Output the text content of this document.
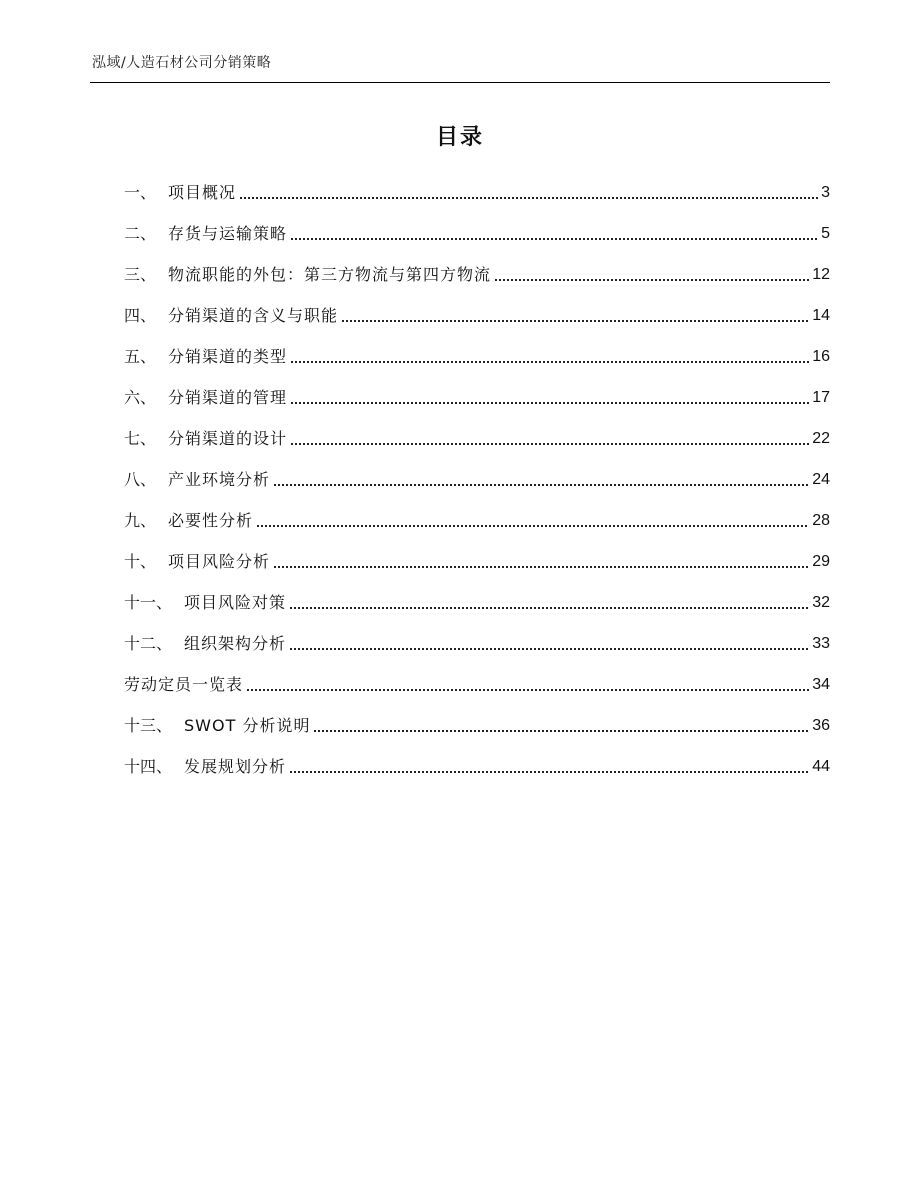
泓域/人造石材公司分销策略
目录
一、 项目概况	3
二、 存货与运输策略	5
三、 物流职能的外包：第三方物流与第四方物流	12
四、 分销渠道的含义与职能	14
五、 分销渠道的类型	16
六、 分销渠道的管理	17
七、 分销渠道的设计	22
八、 产业环境分析	24
九、 必要性分析	28
十、 项目风险分析	29
十一、 项目风险对策	32
十二、 组织架构分析	33
劳动定员一览表	34
十三、 SWOT 分析说明	36
十四、 发展规划分析	44
